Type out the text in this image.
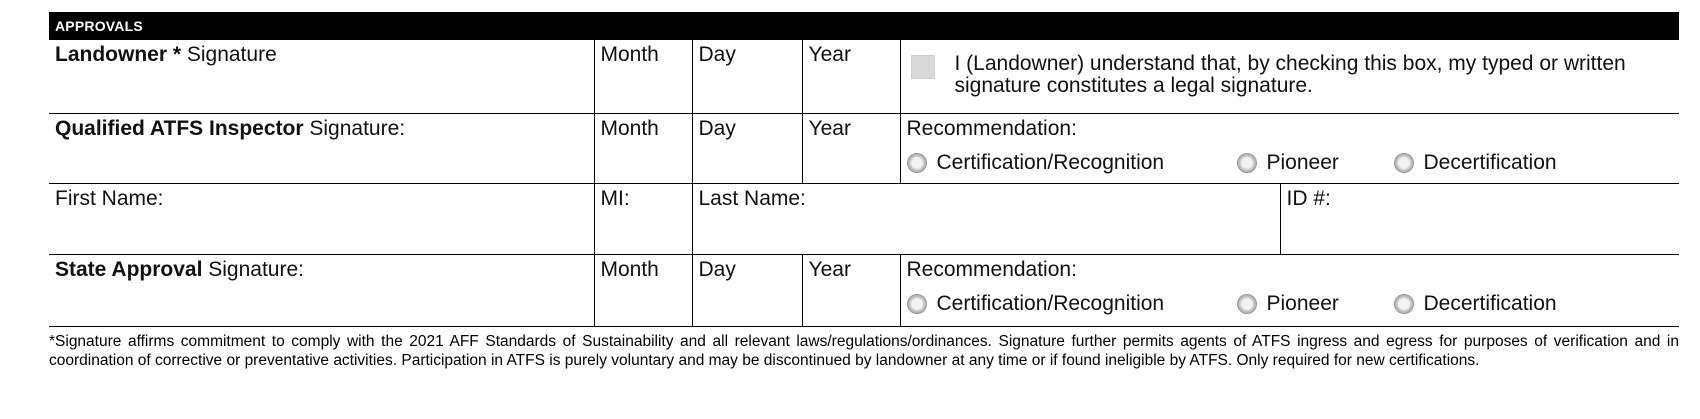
APPROVALS
Landowner * Signature	Month	Day	Year	I (Landowner) understand that, by checking this box, my typed or written signature constitutes a legal signature.	

Qualified ATFS Inspector Signature:	Month	Day	Year	Recommendation:
Certification/Recognition Pioneer Decertification	

First Name:	MI:	Last Name:			ID #:
State Approval Signature:	Month	Day	Year	Recommendation:
Certification/Recognition Pioneer Decertification	
*Signature affirms commitment to comply with the 2021 AFF Standards of Sustainability and all relevant laws/regulations/ordinances. Signature further permits agents of ATFS ingress and egress for purposes of verification and in coordination of corrective or preventative activities. Participation in ATFS is purely voluntary and may be discontinued by landowner at any time or if found ineligible by ATFS. Only required for new certifications.
